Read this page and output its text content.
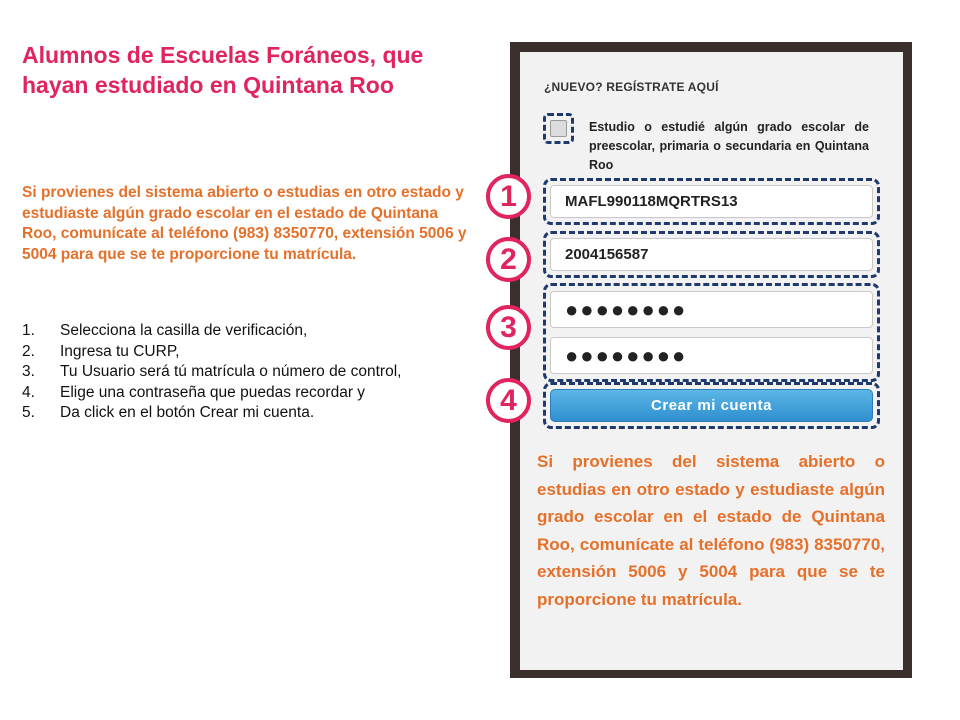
Alumnos de Escuelas Foráneos, que hayan estudiado en Quintana Roo
Si provienes del sistema abierto o estudias en otro estado y estudiaste algún grado escolar en el estado de Quintana Roo, comunícate al teléfono (983) 8350770, extensión 5006 y 5004 para que se te proporcione tu matrícula.
1.	Selecciona la casilla de verificación,
2.	Ingresa tu CURP,
3.	Tu Usuario será tú matrícula o número de control,
4.	Elige una contraseña que puedas recordar y
5.	Da click en el botón Crear mi cuenta.
¿NUEVO? REGÍSTRATE AQUÍ
Estudio o estudié algún grado escolar de preescolar, primaria o secundaria en Quintana Roo
MAFL990118MQRTRS13
2004156587
●●●●●●●●
●●●●●●●●
Crear mi cuenta
1
2
3
4
Si provienes del sistema abierto o estudias en otro estado y estudiaste algún grado escolar en el estado de Quintana Roo, comunícate al teléfono (983) 8350770, extensión 5006 y 5004 para que se te proporcione tu matrícula.
